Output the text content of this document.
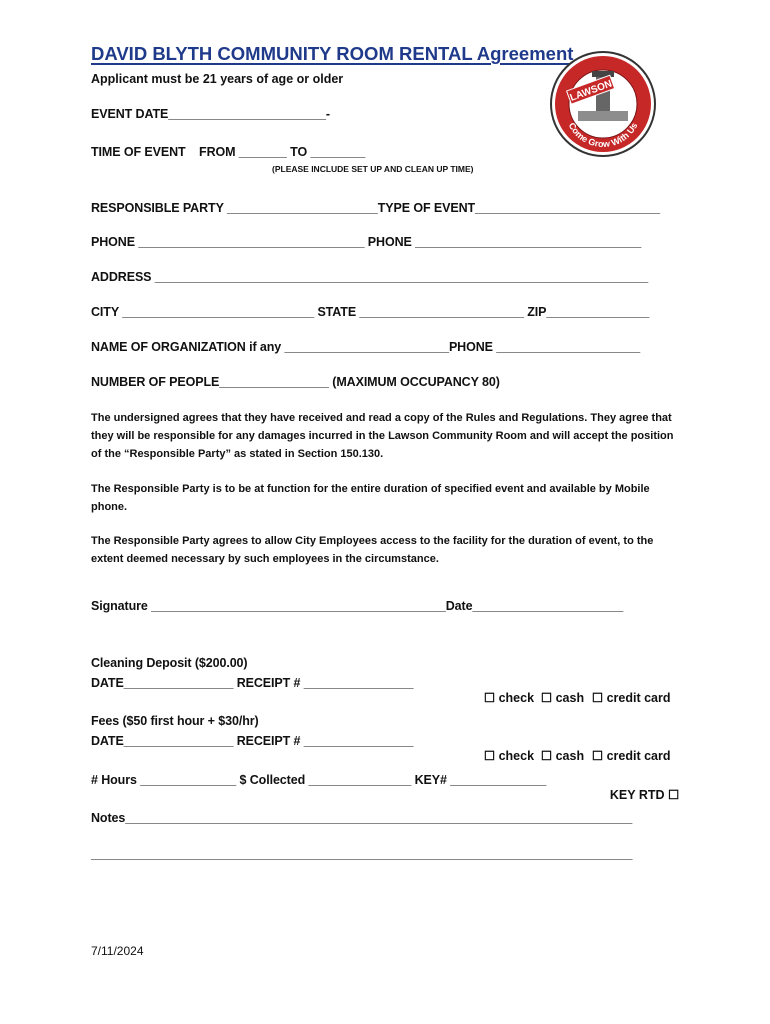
DAVID BLYTH COMMUNITY ROOM RENTAL Agreement
Applicant must be 21 years of age or older	LAWSON
Come Grow With Us
EVENT DATE_______________________-
TIME OF EVENT    FROM _______ TO ________
(PLEASE INCLUDE SET UP AND CLEAN UP TIME)
RESPONSIBLE PARTY ______________________TYPE OF EVENT___________________________
PHONE _________________________________ PHONE _________________________________
ADDRESS ________________________________________________________________________
CITY ____________________________ STATE ________________________ ZIP_______________
NAME OF ORGANIZATION if any ________________________PHONE _____________________
NUMBER OF PEOPLE________________ (MAXIMUM OCCUPANCY 80)
The undersigned agrees that they have received and read a copy of the Rules and Regulations. They agree that they will be responsible for any damages incurred in the Lawson Community Room and will accept the position of the “Responsible Party” as stated in Section 150.130.
The Responsible Party is to be at function for the entire duration of specified event and available by Mobile phone.
The Responsible Party agrees to allow City Employees access to the facility for the duration of event, to the extent deemed necessary by such employees in the circumstance.
Signature ___________________________________________Date______________________
Cleaning Deposit ($200.00)
DATE________________ RECEIPT # ________________

☐ check
☐ cash
☐ credit card

Fees ($50 first hour + $30/hr)
DATE________________ RECEIPT # ________________

☐ check
☐ cash
☐ credit card

# Hours ______________ $ Collected _______________ KEY# ______________

KEY RTD ☐

Notes__________________________________________________________________________
_______________________________________________________________________________
7/11/2024
